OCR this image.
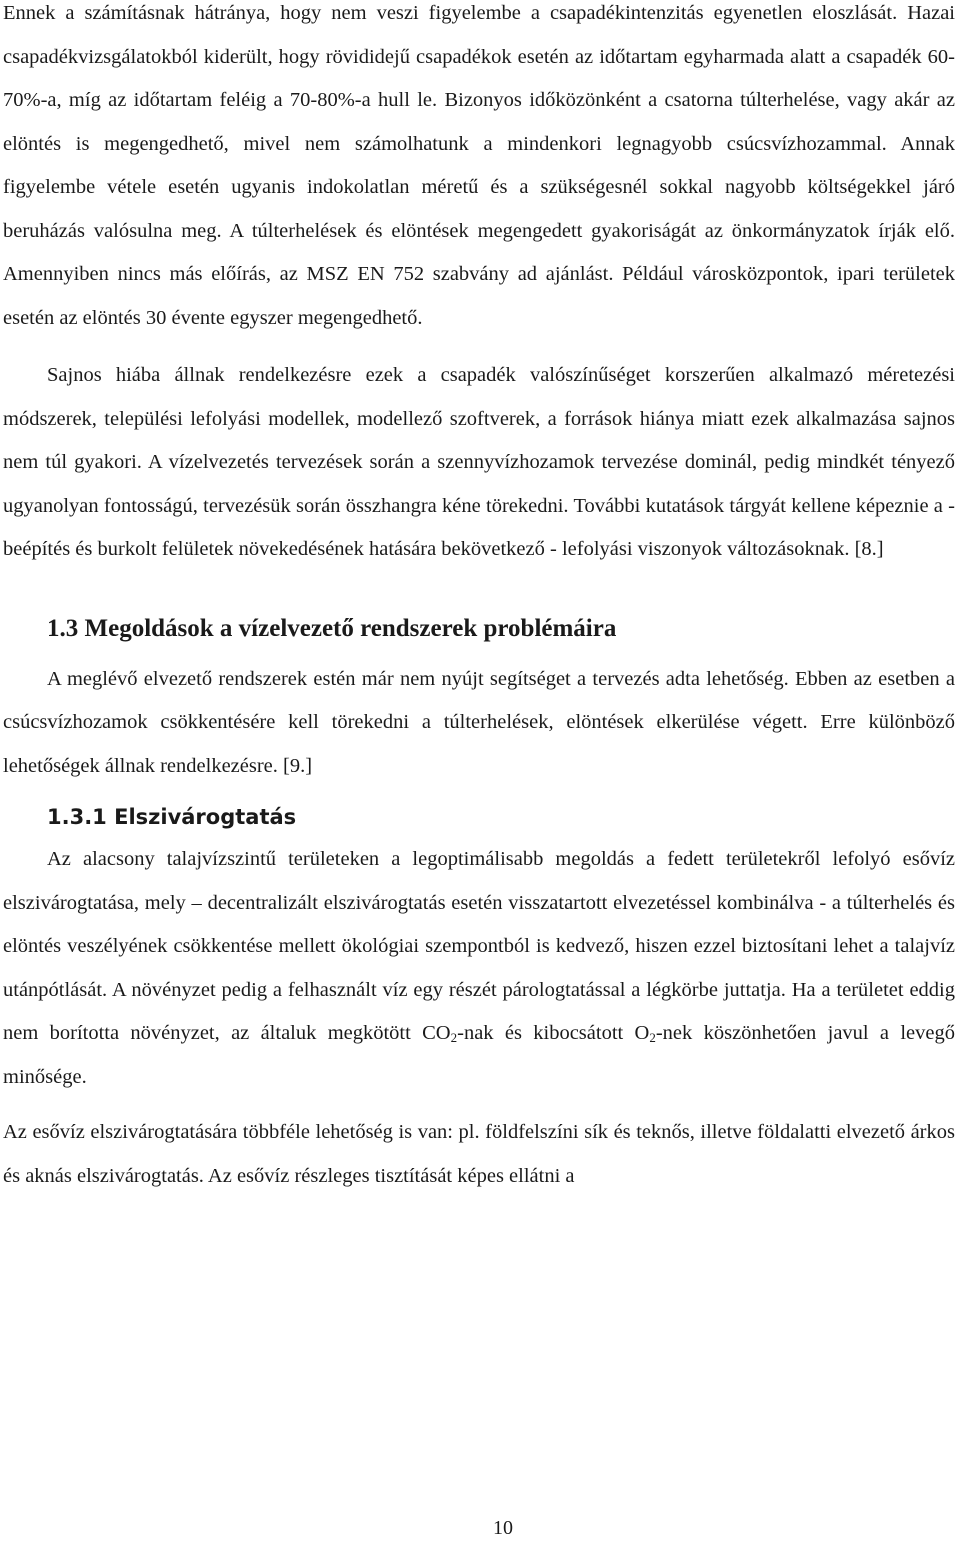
Ennek a számításnak hátránya, hogy nem veszi figyelembe a csapadékintenzitás egyenetlen eloszlását. Hazai csapadékvizsgálatokból kiderült, hogy rövididejű csapadékok esetén az időtartam egyharmada alatt a csapadék 60-70%-a, míg az időtartam feléig a 70-80%-a hull le. Bizonyos időközönként a csatorna túlterhelése, vagy akár az elöntés is megengedhető, mivel nem számolhatunk a mindenkori legnagyobb csúcsvízhozammal. Annak figyelembe vétele esetén ugyanis indokolatlan méretű és a szükségesnél sokkal nagyobb költségekkel járó beruházás valósulna meg. A túlterhelések és elöntések megengedett gyakoriságát az önkormányzatok írják elő. Amennyiben nincs más előírás, az MSZ EN 752 szabvány ad ajánlást. Például városközpontok, ipari területek esetén az elöntés 30 évente egyszer megengedhető.

Sajnos hiába állnak rendelkezésre ezek a csapadék valószínűséget korszerűen alkalmazó méretezési módszerek, települési lefolyási modellek, modellező szoftverek, a források hiánya miatt ezek alkalmazása sajnos nem túl gyakori. A vízelvezetés tervezések során a szennyvízhozamok tervezése dominál, pedig mindkét tényező ugyanolyan fontosságú, tervezésük során összhangra kéne törekedni. További kutatások tárgyát kellene képeznie a - beépítés és burkolt felületek növekedésének hatására bekövetkező - lefolyási viszonyok változásoknak. [8.]

1.3 Megoldások a vízelvezető rendszerek problémáira

A meglévő elvezető rendszerek estén már nem nyújt segítséget a tervezés adta lehetőség. Ebben az esetben a csúcsvízhozamok csökkentésére kell törekedni a túlterhelések, elöntések elkerülése végett. Erre különböző lehetőségek állnak rendelkezésre. [9.]

1.3.1 Elszivárogtatás

Az alacsony talajvízszintű területeken a legoptimálisabb megoldás a fedett területekről lefolyó esővíz elszivárogtatása, mely – decentralizált elszivárogtatás esetén visszatartott elvezetéssel kombinálva - a túlterhelés és elöntés veszélyének csökkentése mellett ökológiai szempontból is kedvező, hiszen ezzel biztosítani lehet a talajvíz utánpótlását. A növényzet pedig a felhasznált víz egy részét párologtatással a légkörbe juttatja. Ha a területet eddig nem borította növényzet, az általuk megkötött $CO_2$-nak és kibocsátott $O_2$-nek köszönhetően javul a levegő minősége.

Az esővíz elszivárogtatására többféle lehetőség is van: pl. földfelszíni sík és teknős, illetve földalatti elvezető árkos és aknás elszivárogtatás. Az esővíz részleges tisztítását képes ellátni a

10
